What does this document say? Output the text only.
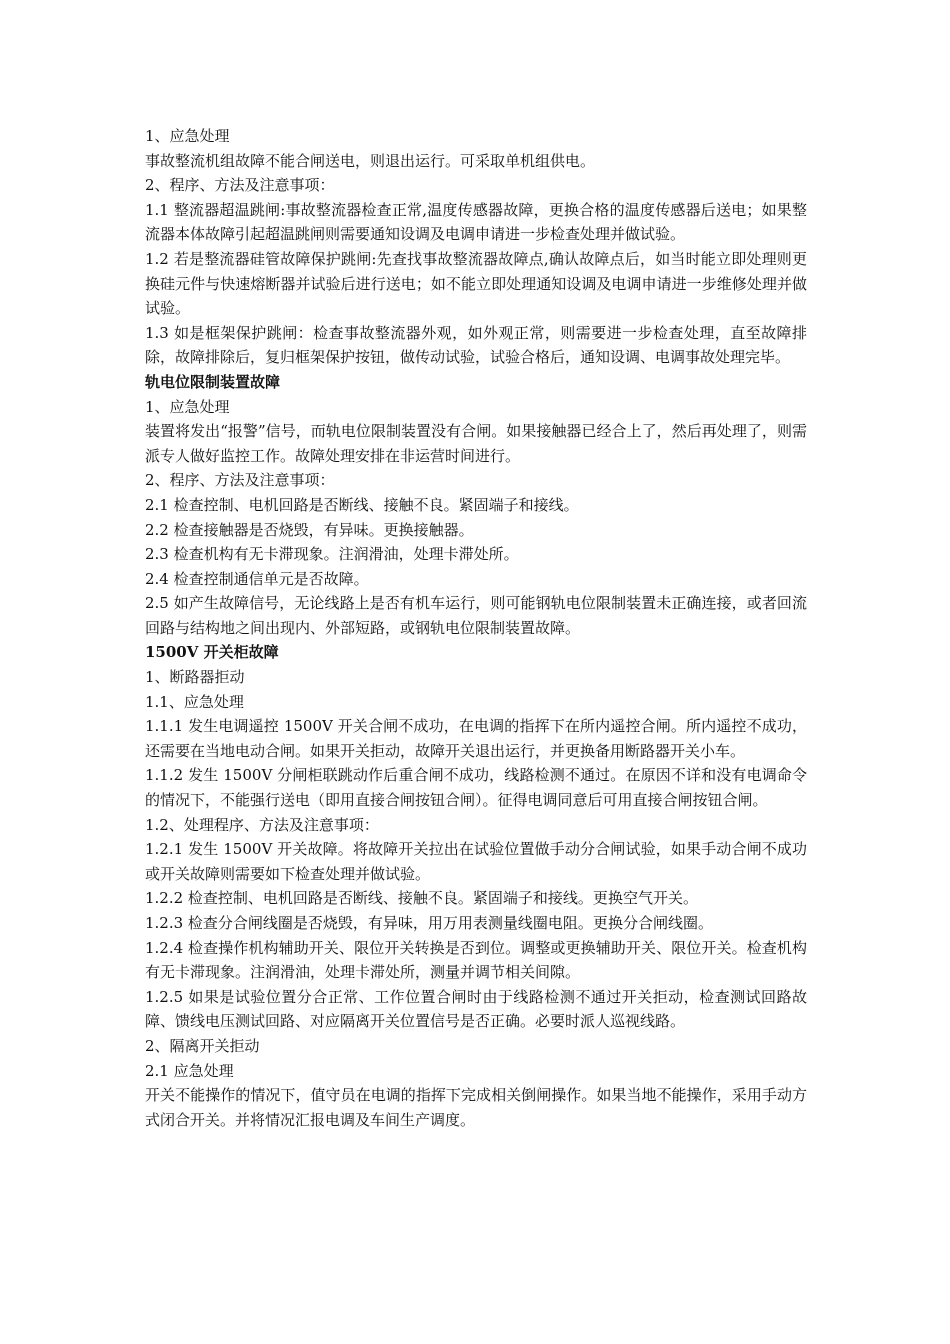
1、应急处理

事故整流机组故障不能合闸送电，则退出运行。可采取单机组供电。

2、程序、方法及注意事项：

1.1 整流器超温跳闸:事故整流器检查正常,温度传感器故障，更换合格的温度传感器后送电；如果整流器本体故障引起超温跳闸则需要通知设调及电调申请进一步检查处理并做试验。

1.2 若是整流器硅管故障保护跳闸:先查找事故整流器故障点,确认故障点后，如当时能立即处理则更换硅元件与快速熔断器并试验后进行送电；如不能立即处理通知设调及电调申请进一步维修处理并做试验。

1.3 如是框架保护跳闸：检查事故整流器外观，如外观正常，则需要进一步检查处理，直至故障排除，故障排除后，复归框架保护按钮，做传动试验，试验合格后，通知设调、电调事故处理完毕。

轨电位限制装置故障

1、应急处理

装置将发出“报警”信号，而轨电位限制装置没有合闸。如果接触器已经合上了，然后再处理了，则需派专人做好监控工作。故障处理安排在非运营时间进行。

2、程序、方法及注意事项：

2.1 检查控制、电机回路是否断线、接触不良。紧固端子和接线。

2.2 检查接触器是否烧毁，有异味。更换接触器。

2.3 检查机构有无卡滞现象。注润滑油，处理卡滞处所。

2.4 检查控制通信单元是否故障。

2.5 如产生故障信号，无论线路上是否有机车运行，则可能钢轨电位限制装置未正确连接，或者回流回路与结构地之间出现内、外部短路，或钢轨电位限制装置故障。

1500V 开关柜故障

1、断路器拒动

1.1、应急处理

1.1.1 发生电调遥控 1500V 开关合闸不成功，在电调的指挥下在所内遥控合闸。所内遥控不成功，还需要在当地电动合闸。如果开关拒动，故障开关退出运行，并更换备用断路器开关小车。

1.1.2 发生 1500V 分闸柜联跳动作后重合闸不成功，线路检测不通过。在原因不详和没有电调命令的情况下，不能强行送电（即用直接合闸按钮合闸）。征得电调同意后可用直接合闸按钮合闸。

1.2、处理程序、方法及注意事项：

1.2.1 发生 1500V 开关故障。将故障开关拉出在试验位置做手动分合闸试验，如果手动合闸不成功或开关故障则需要如下检查处理并做试验。

1.2.2 检查控制、电机回路是否断线、接触不良。紧固端子和接线。更换空气开关。

1.2.3 检查分合闸线圈是否烧毁，有异味，用万用表测量线圈电阻。更换分合闸线圈。

1.2.4 检查操作机构辅助开关、限位开关转换是否到位。调整或更换辅助开关、限位开关。检查机构有无卡滞现象。注润滑油，处理卡滞处所，测量并调节相关间隙。

1.2.5 如果是试验位置分合正常、工作位置合闸时由于线路检测不通过开关拒动，检查测试回路故障、馈线电压测试回路、对应隔离开关位置信号是否正确。必要时派人巡视线路。

2、隔离开关拒动

2.1 应急处理

开关不能操作的情况下，值守员在电调的指挥下完成相关倒闸操作。如果当地不能操作，采用手动方式闭合开关。并将情况汇报电调及车间生产调度。
